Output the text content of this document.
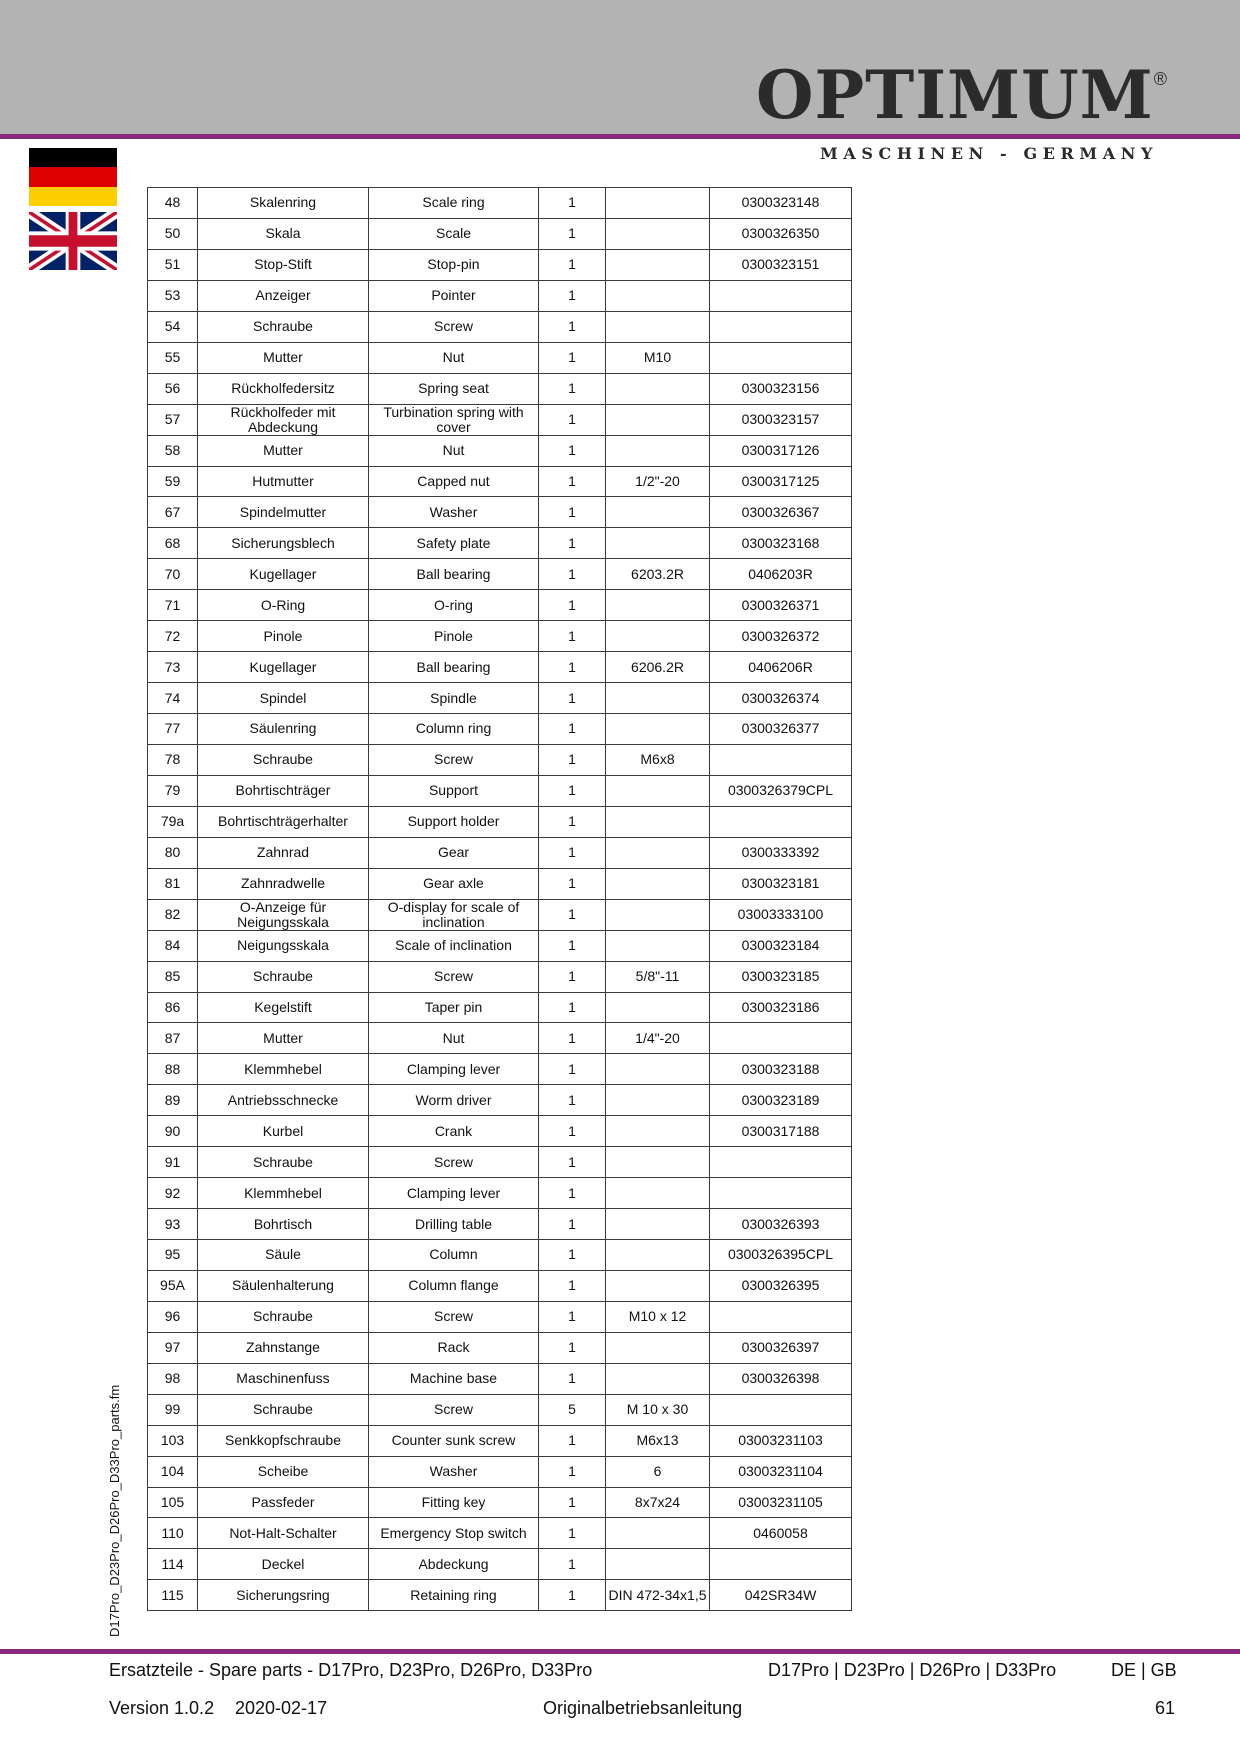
OPTIMUM®
MASCHINEN - GERMANY
D17Pro_D23Pro_D26Pro_D33Pro_parts.fm
48	Skalenring	Scale ring	1		0300323148
50	Skala	Scale	1		0300326350
51	Stop-Stift	Stop-pin	1		0300323151
53	Anzeiger	Pointer	1		
54	Schraube	Screw	1		
55	Mutter	Nut	1	M10	
56	Rückholfedersitz	Spring seat	1		0300323156
57	Rückholfeder mit Abdeckung	Turbination spring with cover	1		0300323157
58	Mutter	Nut	1		0300317126
59	Hutmutter	Capped nut	1	1/2"-20	0300317125
67	Spindelmutter	Washer	1		0300326367
68	Sicherungsblech	Safety plate	1		0300323168
70	Kugellager	Ball bearing	1	6203.2R	0406203R
71	O-Ring	O-ring	1		0300326371
72	Pinole	Pinole	1		0300326372
73	Kugellager	Ball bearing	1	6206.2R	0406206R
74	Spindel	Spindle	1		0300326374
77	Säulenring	Column ring	1		0300326377
78	Schraube	Screw	1	M6x8	
79	Bohrtischträger	Support	1		0300326379CPL
79a	Bohrtischträgerhalter	Support holder	1		
80	Zahnrad	Gear	1		0300333392
81	Zahnradwelle	Gear axle	1		0300323181
82	O-Anzeige für Neigungsskala	O-display for scale of inclination	1		03003333100
84	Neigungsskala	Scale of inclination	1		0300323184
85	Schraube	Screw	1	5/8"-11	0300323185
86	Kegelstift	Taper pin	1		0300323186
87	Mutter	Nut	1	1/4"-20	
88	Klemmhebel	Clamping lever	1		0300323188
89	Antriebsschnecke	Worm driver	1		0300323189
90	Kurbel	Crank	1		0300317188
91	Schraube	Screw	1		
92	Klemmhebel	Clamping lever	1		
93	Bohrtisch	Drilling table	1		0300326393
95	Säule	Column	1		0300326395CPL
95A	Säulenhalterung	Column flange	1		0300326395
96	Schraube	Screw	1	M10 x 12	
97	Zahnstange	Rack	1		0300326397
98	Maschinenfuss	Machine base	1		0300326398
99	Schraube	Screw	5	M 10 x 30	
103	Senkkopfschraube	Counter sunk screw	1	M6x13	03003231103
104	Scheibe	Washer	1	6	03003231104
105	Passfeder	Fitting key	1	8x7x24	03003231105
110	Not-Halt-Schalter	Emergency Stop switch	1		0460058
114	Deckel	Abdeckung	1		
115	Sicherungsring	Retaining ring	1	DIN 472-34x1,5	042SR34W
Ersatzteile - Spare parts - D17Pro, D23Pro, D26Pro, D33Pro	D17Pro | D23Pro | D26Pro | D33Pro	DE | GB
Version 1.0.2 2020-02-17	Originalbetriebsanleitung	61
